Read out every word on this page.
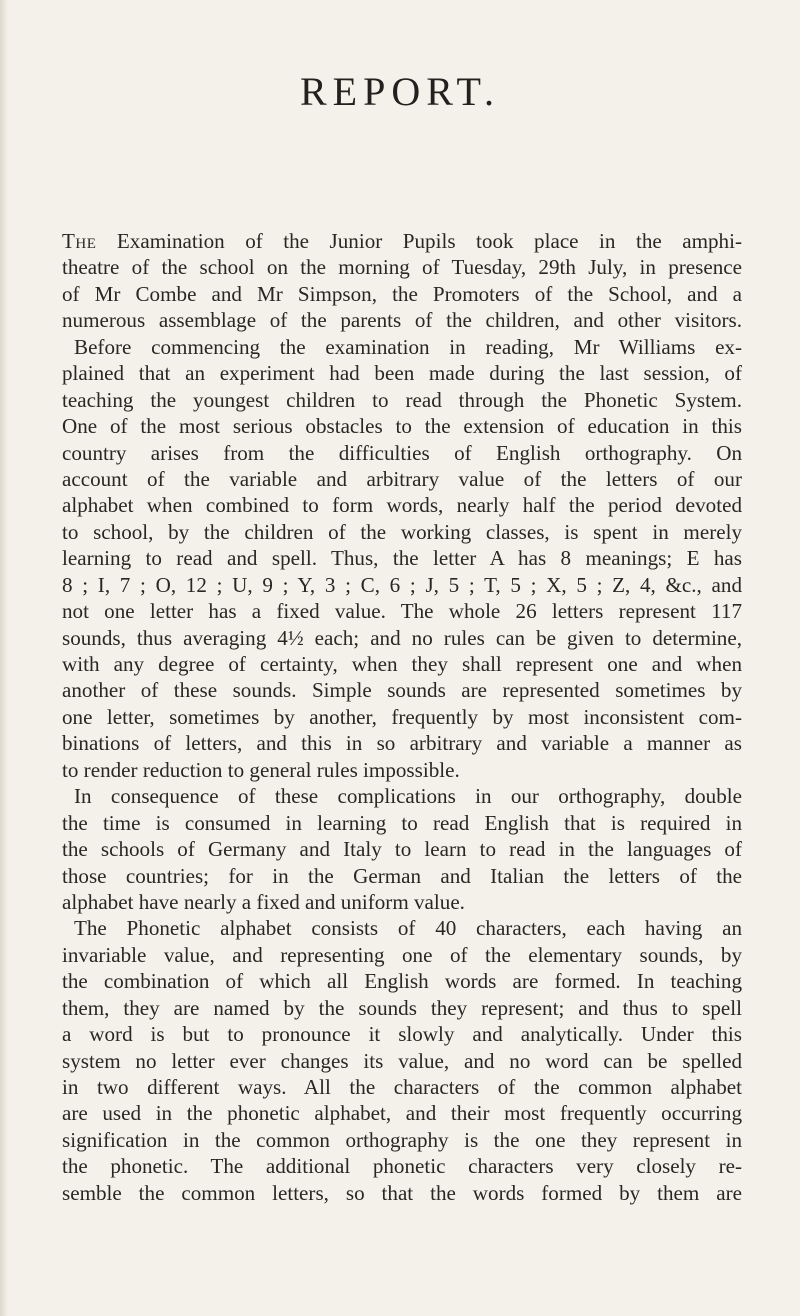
REPORT.
The Examination of the Junior Pupils took place in the amphi-
theatre of the school on the morning of Tuesday, 29th July, in presence
of Mr Combe and Mr Simpson, the Promoters of the School, and a
numerous assemblage of the parents of the children, and other visitors.
Before commencing the examination in reading, Mr Williams ex-
plained that an experiment had been made during the last session, of
teaching the youngest children to read through the Phonetic System.
One of the most serious obstacles to the extension of education in this
country arises from the difficulties of English orthography. On
account of the variable and arbitrary value of the letters of our
alphabet when combined to form words, nearly half the period devoted
to school, by the children of the working classes, is spent in merely
learning to read and spell. Thus, the letter A has 8 meanings; E has
8 ; I, 7 ; O, 12 ; U, 9 ; Y, 3 ; C, 6 ; J, 5 ; T, 5 ; X, 5 ; Z, 4, &c., and
not one letter has a fixed value. The whole 26 letters represent 117
sounds, thus averaging 4½ each; and no rules can be given to determine,
with any degree of certainty, when they shall represent one and when
another of these sounds. Simple sounds are represented sometimes by
one letter, sometimes by another, frequently by most inconsistent com-
binations of letters, and this in so arbitrary and variable a manner as
to render reduction to general rules impossible.
In consequence of these complications in our orthography, double
the time is consumed in learning to read English that is required in
the schools of Germany and Italy to learn to read in the languages of
those countries; for in the German and Italian the letters of the
alphabet have nearly a fixed and uniform value.
The Phonetic alphabet consists of 40 characters, each having an
invariable value, and representing one of the elementary sounds, by
the combination of which all English words are formed. In teaching
them, they are named by the sounds they represent; and thus to spell
a word is but to pronounce it slowly and analytically. Under this
system no letter ever changes its value, and no word can be spelled
in two different ways. All the characters of the common alphabet
are used in the phonetic alphabet, and their most frequently occurring
signification in the common orthography is the one they represent in
the phonetic. The additional phonetic characters very closely re-
semble the common letters, so that the words formed by them are
